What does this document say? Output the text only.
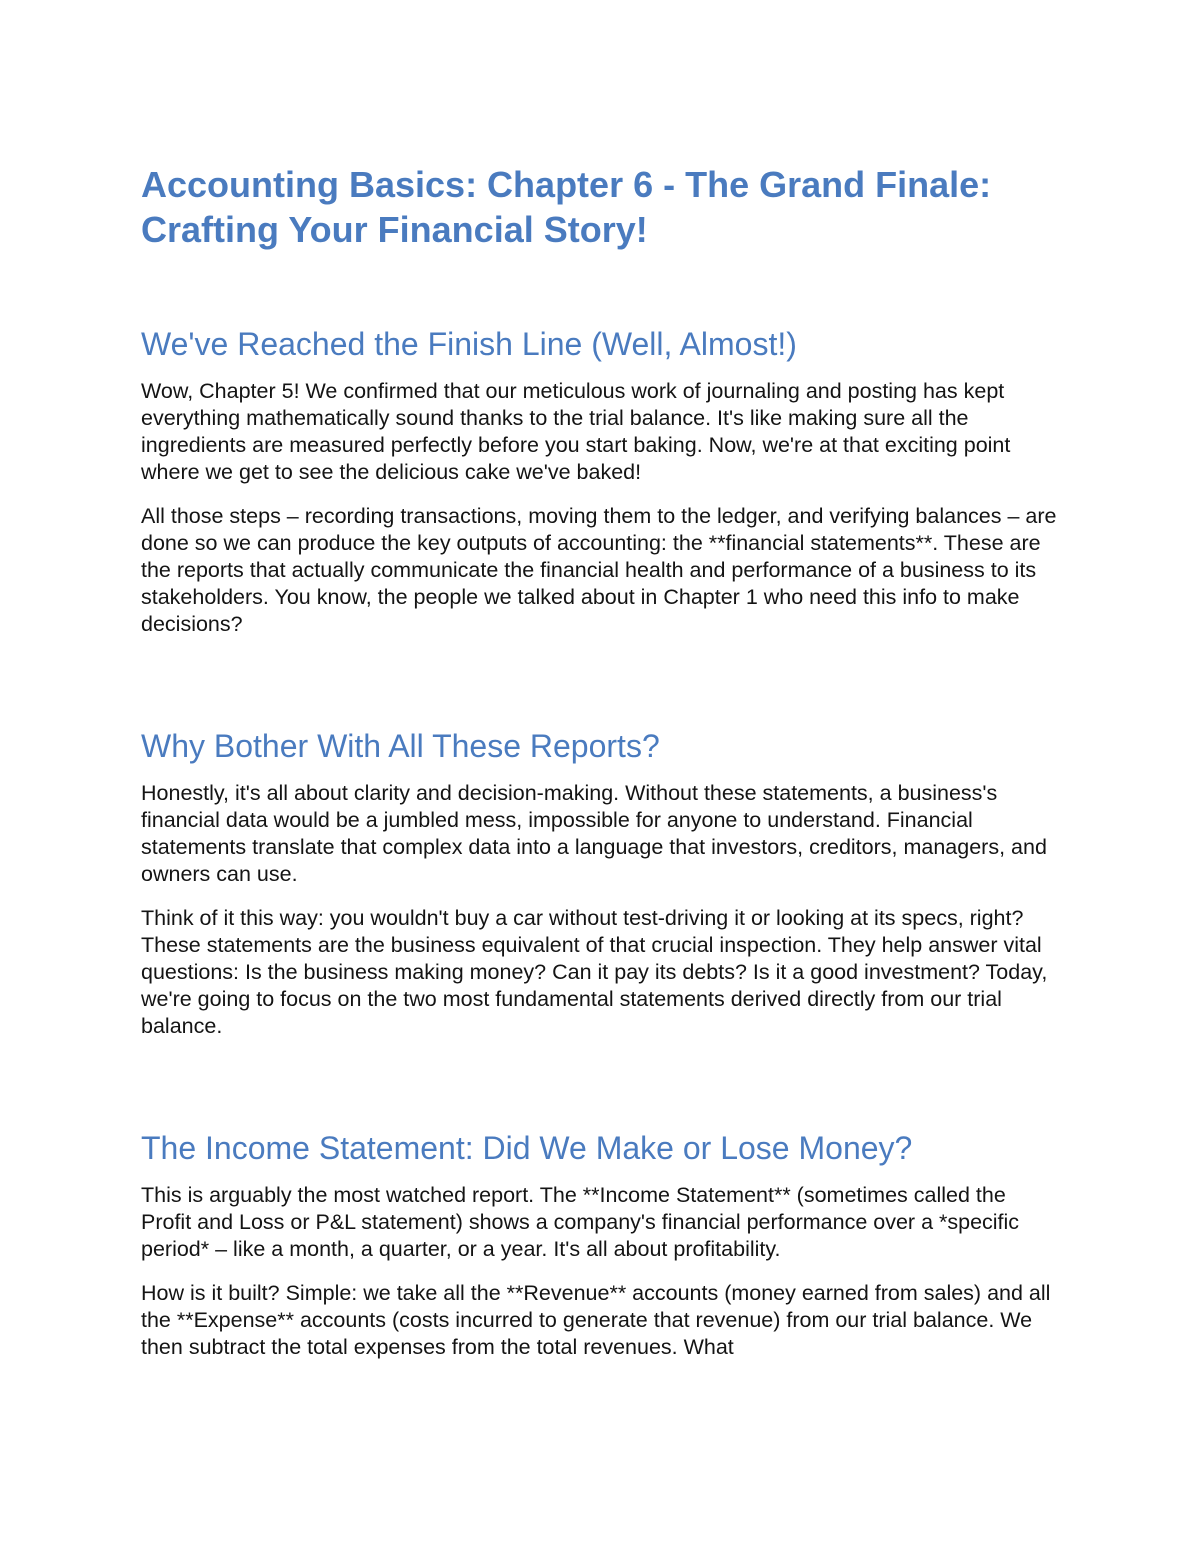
Accounting Basics: Chapter 6 - The Grand Finale: Crafting Your Financial Story!
We've Reached the Finish Line (Well, Almost!)

Wow, Chapter 5! We confirmed that our meticulous work of journaling and posting has kept everything mathematically sound thanks to the trial balance. It's like making sure all the ingredients are measured perfectly before you start baking. Now, we're at that exciting point where we get to see the delicious cake we've baked!

All those steps – recording transactions, moving them to the ledger, and verifying balances – are done so we can produce the key outputs of accounting: the **financial statements**. These are the reports that actually communicate the financial health and performance of a business to its stakeholders. You know, the people we talked about in Chapter 1 who need this info to make decisions?

Why Bother With All These Reports?

Honestly, it's all about clarity and decision-making. Without these statements, a business's financial data would be a jumbled mess, impossible for anyone to understand. Financial statements translate that complex data into a language that investors, creditors, managers, and owners can use.

Think of it this way: you wouldn't buy a car without test-driving it or looking at its specs, right? These statements are the business equivalent of that crucial inspection. They help answer vital questions: Is the business making money? Can it pay its debts? Is it a good investment? Today, we're going to focus on the two most fundamental statements derived directly from our trial balance.

The Income Statement: Did We Make or Lose Money?

This is arguably the most watched report. The **Income Statement** (sometimes called the Profit and Loss or P&L statement) shows a company's financial performance over a *specific period* – like a month, a quarter, or a year. It's all about profitability.

How is it built? Simple: we take all the **Revenue** accounts (money earned from sales) and all the **Expense** accounts (costs incurred to generate that revenue) from our trial balance. We then subtract the total expenses from the total revenues. What
